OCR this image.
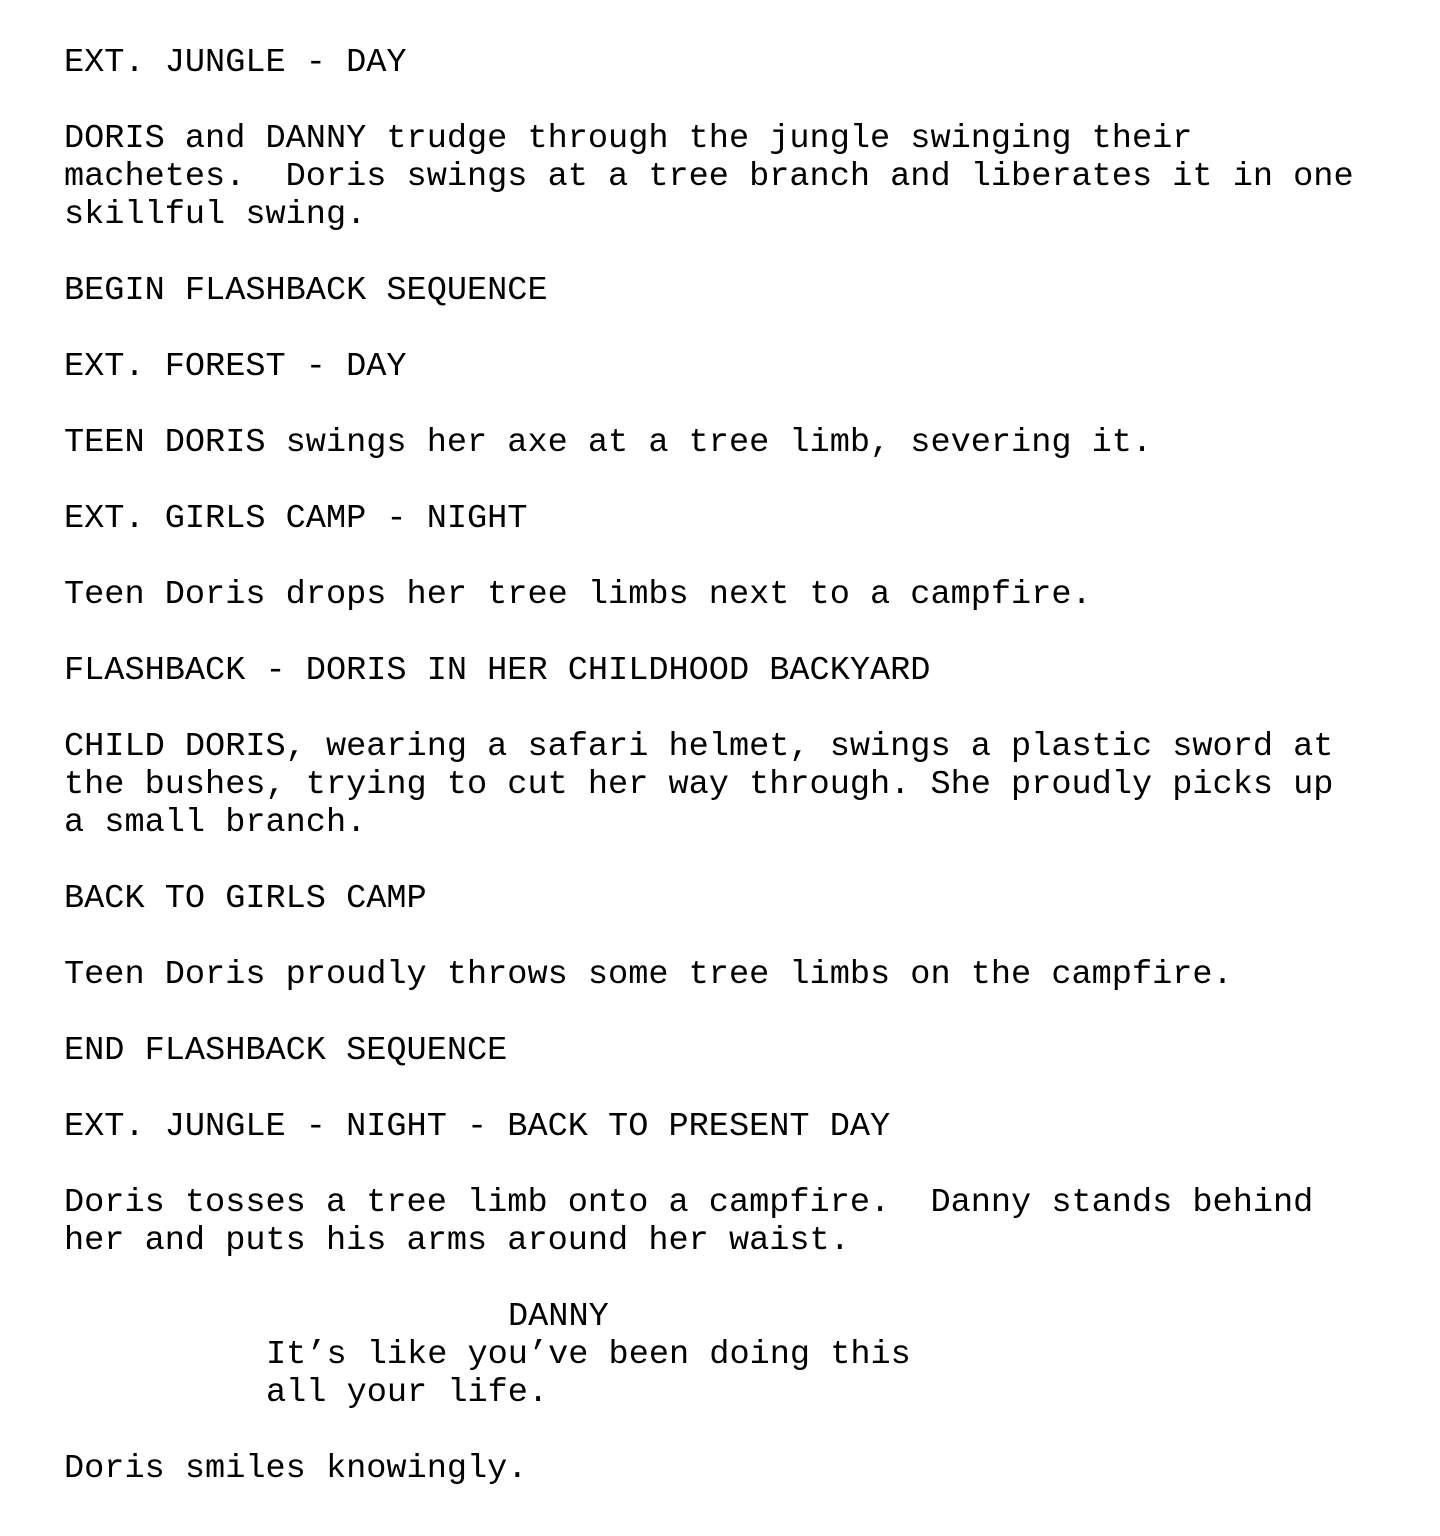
EXT. JUNGLE - DAY

DORIS and DANNY trudge through the jungle swinging their
machetes.  Doris swings at a tree branch and liberates it in one
skillful swing.

BEGIN FLASHBACK SEQUENCE

EXT. FOREST - DAY

TEEN DORIS swings her axe at a tree limb, severing it.

EXT. GIRLS CAMP - NIGHT

Teen Doris drops her tree limbs next to a campfire.

FLASHBACK - DORIS IN HER CHILDHOOD BACKYARD

CHILD DORIS, wearing a safari helmet, swings a plastic sword at
the bushes, trying to cut her way through. She proudly picks up
a small branch.

BACK TO GIRLS CAMP

Teen Doris proudly throws some tree limbs on the campfire.

END FLASHBACK SEQUENCE

EXT. JUNGLE - NIGHT - BACK TO PRESENT DAY

Doris tosses a tree limb onto a campfire.  Danny stands behind
her and puts his arms around her waist.

DANNY

It’s like you’ve been doing this
all your life.

Doris smiles knowingly.
